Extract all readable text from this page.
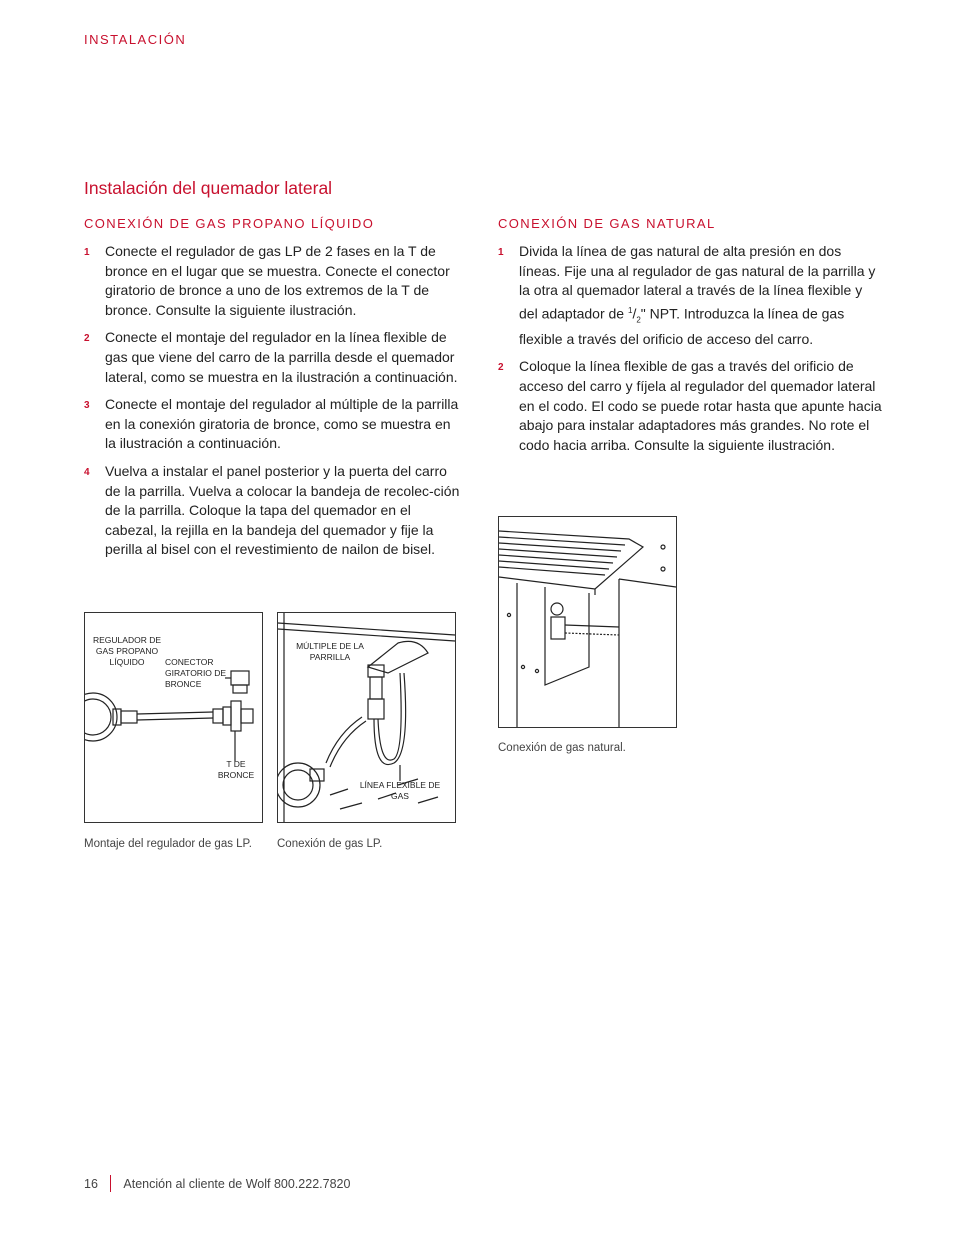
INSTALACIÓN
Instalación del quemador lateral
CONEXIÓN DE GAS PROPANO LÍQUIDO
1 Conecte el regulador de gas LP de 2 fases en la T de bronce en el lugar que se muestra. Conecte el conector giratorio de bronce a uno de los extremos de la T de bronce. Consulte la siguiente ilustración.
2 Conecte el montaje del regulador en la línea flexible de gas que viene del carro de la parrilla desde el quemador lateral, como se muestra en la ilustración a continuación.
3 Conecte el montaje del regulador al múltiple de la parrilla en la conexión giratoria de bronce, como se muestra en la ilustración a continuación.
4 Vuelva a instalar el panel posterior y la puerta del carro de la parrilla. Vuelva a colocar la bandeja de recolec-ción de la parrilla. Coloque la tapa del quemador en el cabezal, la rejilla en la bandeja del quemador y fije la perilla al bisel con el revestimiento de nailon de bisel.
CONEXIÓN DE GAS NATURAL
1 Divida la línea de gas natural de alta presión en dos líneas. Fije una al regulador de gas natural de la parrilla y la otra al quemador lateral a través de la línea flexible y del adaptador de $^1/_2$" NPT. Introduzca la línea de gas flexible a través del orificio de acceso del carro.
2 Coloque la línea flexible de gas a través del orificio de acceso del carro y fíjela al regulador del quemador lateral en el codo. El codo se puede rotar hasta que apunte hacia abajo para instalar adaptadores más grandes. No rote el codo hacia arriba. Consulte la siguiente ilustración.
REGULADOR DE GAS PROPANO LÍQUIDO	CONECTOR GIRATORIO DE BRONCE
T DE BRONCE
Montaje del regulador de gas LP.
MÚLTIPLE DE LA PARRILLA
LÍNEA FLEXIBLE DE GAS
Conexión de gas LP.
Conexión de gas natural.
16 Atención al cliente de Wolf 800.222.7820
